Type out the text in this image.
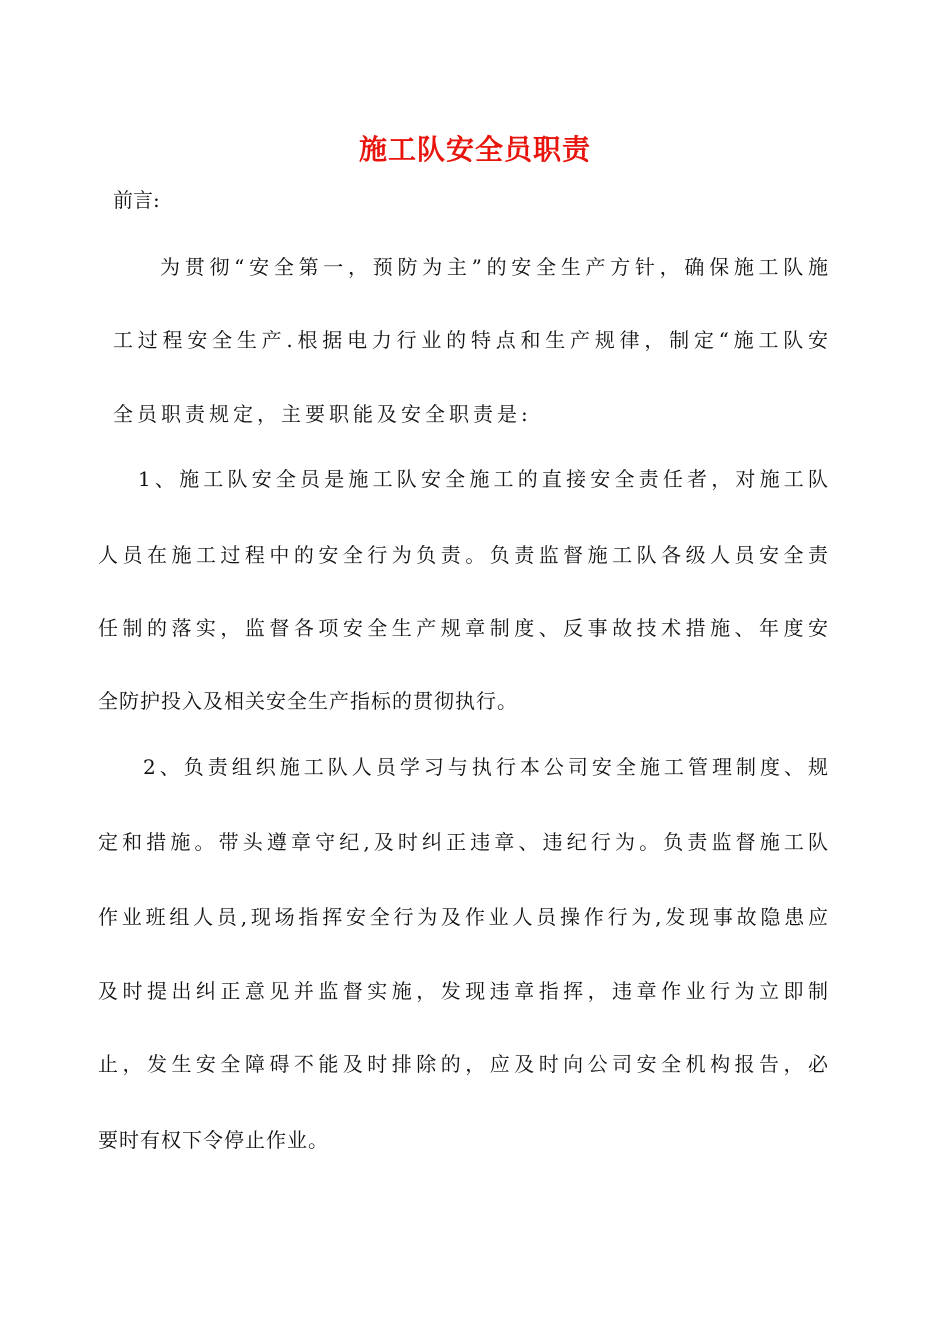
施工队安全员职责
前言:
为贯彻“安全第一，预防为主”的安全生产方针，确保施工队施
工过程安全生产.根据电力行业的特点和生产规律，制定“施工队安
全员职责规定，主要职能及安全职责是:
1、施工队安全员是施工队安全施工的直接安全责任者，对施工队
人员在施工过程中的安全行为负责。负责监督施工队各级人员安全责
任制的落实，监督各项安全生产规章制度、反事故技术措施、年度安
全防护投入及相关安全生产指标的贯彻执行。
2、负责组织施工队人员学习与执行本公司安全施工管理制度、规
定和措施。带头遵章守纪,及时纠正违章、违纪行为。负责监督施工队
作业班组人员,现场指挥安全行为及作业人员操作行为,发现事故隐患应
及时提出纠正意见并监督实施，发现违章指挥，违章作业行为立即制
止，发生安全障碍不能及时排除的，应及时向公司安全机构报告，必
要时有权下令停止作业。
